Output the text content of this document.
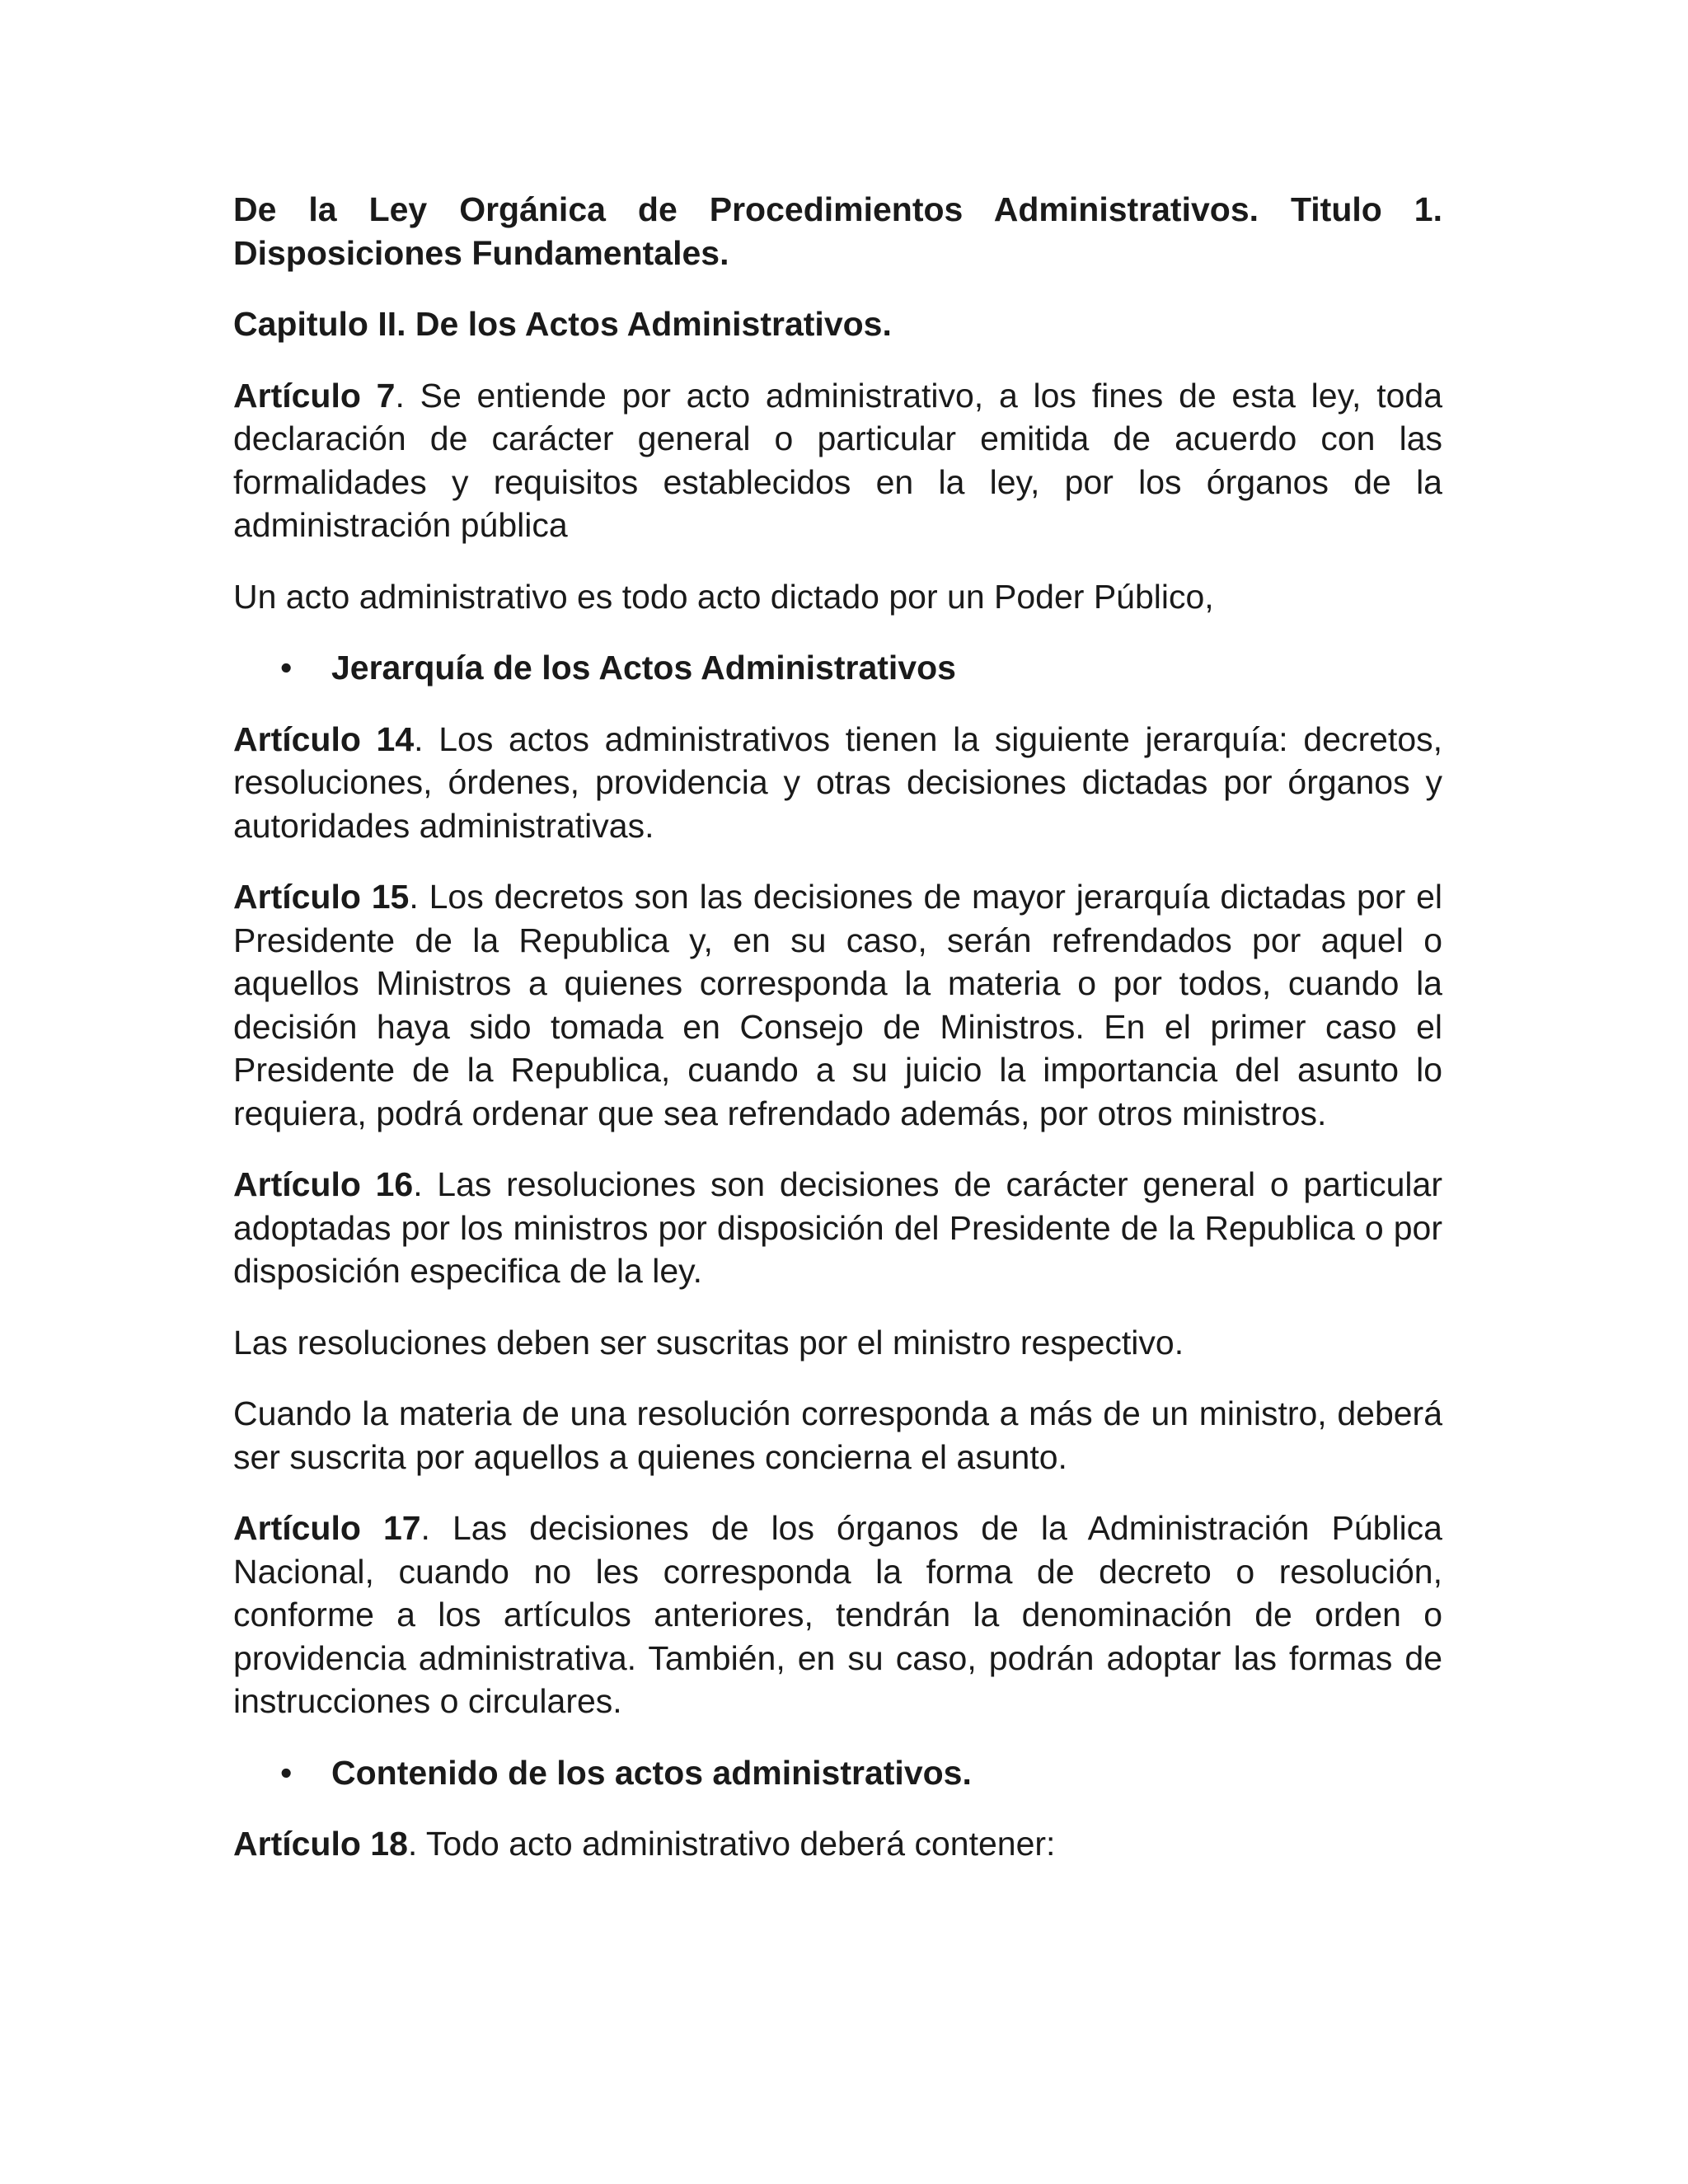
De la Ley Orgánica de Procedimientos Administrativos. Titulo 1. Disposiciones Fundamentales.

Capitulo II. De los Actos Administrativos.

Artículo 7. Se entiende por acto administrativo, a los fines de esta ley, toda declaración de carácter general o particular emitida de acuerdo con las formalidades y requisitos establecidos en la ley, por los órganos de la administración pública

Un acto administrativo es todo acto dictado por un Poder Público,

• Jerarquía de los Actos Administrativos

Artículo 14. Los actos administrativos tienen la siguiente jerarquía: decretos, resoluciones, órdenes, providencia y otras decisiones dictadas por órganos y autoridades administrativas.

Artículo 15. Los decretos son las decisiones de mayor jerarquía dictadas por el Presidente de la Republica y, en su caso, serán refrendados por aquel o aquellos Ministros a quienes corresponda la materia o por todos, cuando la decisión haya sido tomada en Consejo de Ministros. En el primer caso el Presidente de la Republica, cuando a su juicio la importancia del asunto lo requiera, podrá ordenar que sea refrendado además, por otros ministros.

Artículo 16. Las resoluciones son decisiones de carácter general o particular adoptadas por los ministros por disposición del Presidente de la Republica o por disposición especifica de la ley.

Las resoluciones deben ser suscritas por el ministro respectivo.

Cuando la materia de una resolución corresponda a más de un ministro, deberá ser suscrita por aquellos a quienes concierna el asunto.

Artículo 17. Las decisiones de los órganos de la Administración Pública Nacional, cuando no les corresponda la forma de decreto o resolución, conforme a los artículos anteriores, tendrán la denominación de orden o providencia administrativa. También, en su caso, podrán adoptar las formas de instrucciones o circulares.

• Contenido de los actos administrativos.

Artículo 18. Todo acto administrativo deberá contener:
